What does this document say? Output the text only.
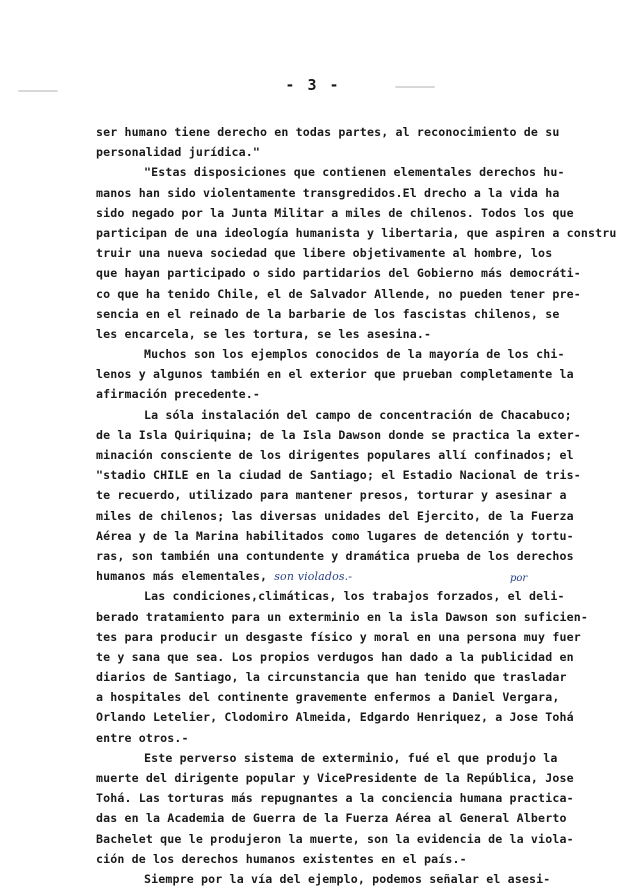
- 3 -
ser humano tiene derecho en todas partes, al reconocimiento de su
personalidad jurídica."
"Estas disposiciones que contienen elementales derechos hu-
manos han sido violentamente transgredidos.El drecho a la vida ha
sido negado por la Junta Militar a miles de chilenos. Todos los que
participan de una ideología humanista y libertaria, que aspiren a constru
truir una nueva sociedad que libere objetivamente al hombre, los
que hayan participado o sido partidarios del Gobierno más democráti-
co que ha tenido Chile, el de Salvador Allende, no pueden tener pre-
sencia en el reinado de la barbarie de los fascistas chilenos, se
les encarcela, se les tortura, se les asesina.-
Muchos son los ejemplos conocidos de la mayoría de los chi-
lenos y algunos también en el exterior que prueban completamente la
afirmación precedente.-
La sóla instalación del campo de concentración de Chacabuco;
de la Isla Quiriquina; de la Isla Dawson donde se practica la exter-
minación consciente de los dirigentes populares allí confinados; el
"stadio CHILE en la ciudad de Santiago; el Estadio Nacional de tris-
te recuerdo, utilizado para mantener presos, torturar y asesinar a
miles de chilenos; las diversas unidades del Ejercito, de la Fuerza
Aérea y de la Marina habilitados como lugares de detención y tortu-
ras, son también una contundente y dramática prueba de los derechos
humanos más elementales, son violados.-
Las condiciones,climáticas, los trabajos forzados, el deli-
berado tratamiento para un exterminio en la isla Dawson son suficien-
tes para producir un desgaste físico y moral en una persona muy fuer
te y sana que sea. Los propios verdugos han dado a la publicidad en
diarios de Santiago, la circunstancia que han tenido que trasladar
a hospitales del continente gravemente enfermos a Daniel Vergara,
Orlando Letelier, Clodomiro Almeida, Edgardo Henriquez, a Jose Tohá
entre otros.-
Este perverso sistema de exterminio, fué el que produjo la
muerte del dirigente popular y VicePresidente de la República, Jose
Tohá. Las torturas más repugnantes a la conciencia humana practica-
das en la Academia de Guerra de la Fuerza Aérea al General Alberto
Bachelet que le produjeron la muerte, son la evidencia de la viola-
ción de los derechos humanos existentes en el país.-
Siempre por la vía del ejemplo, podemos señalar el asesi-
por
